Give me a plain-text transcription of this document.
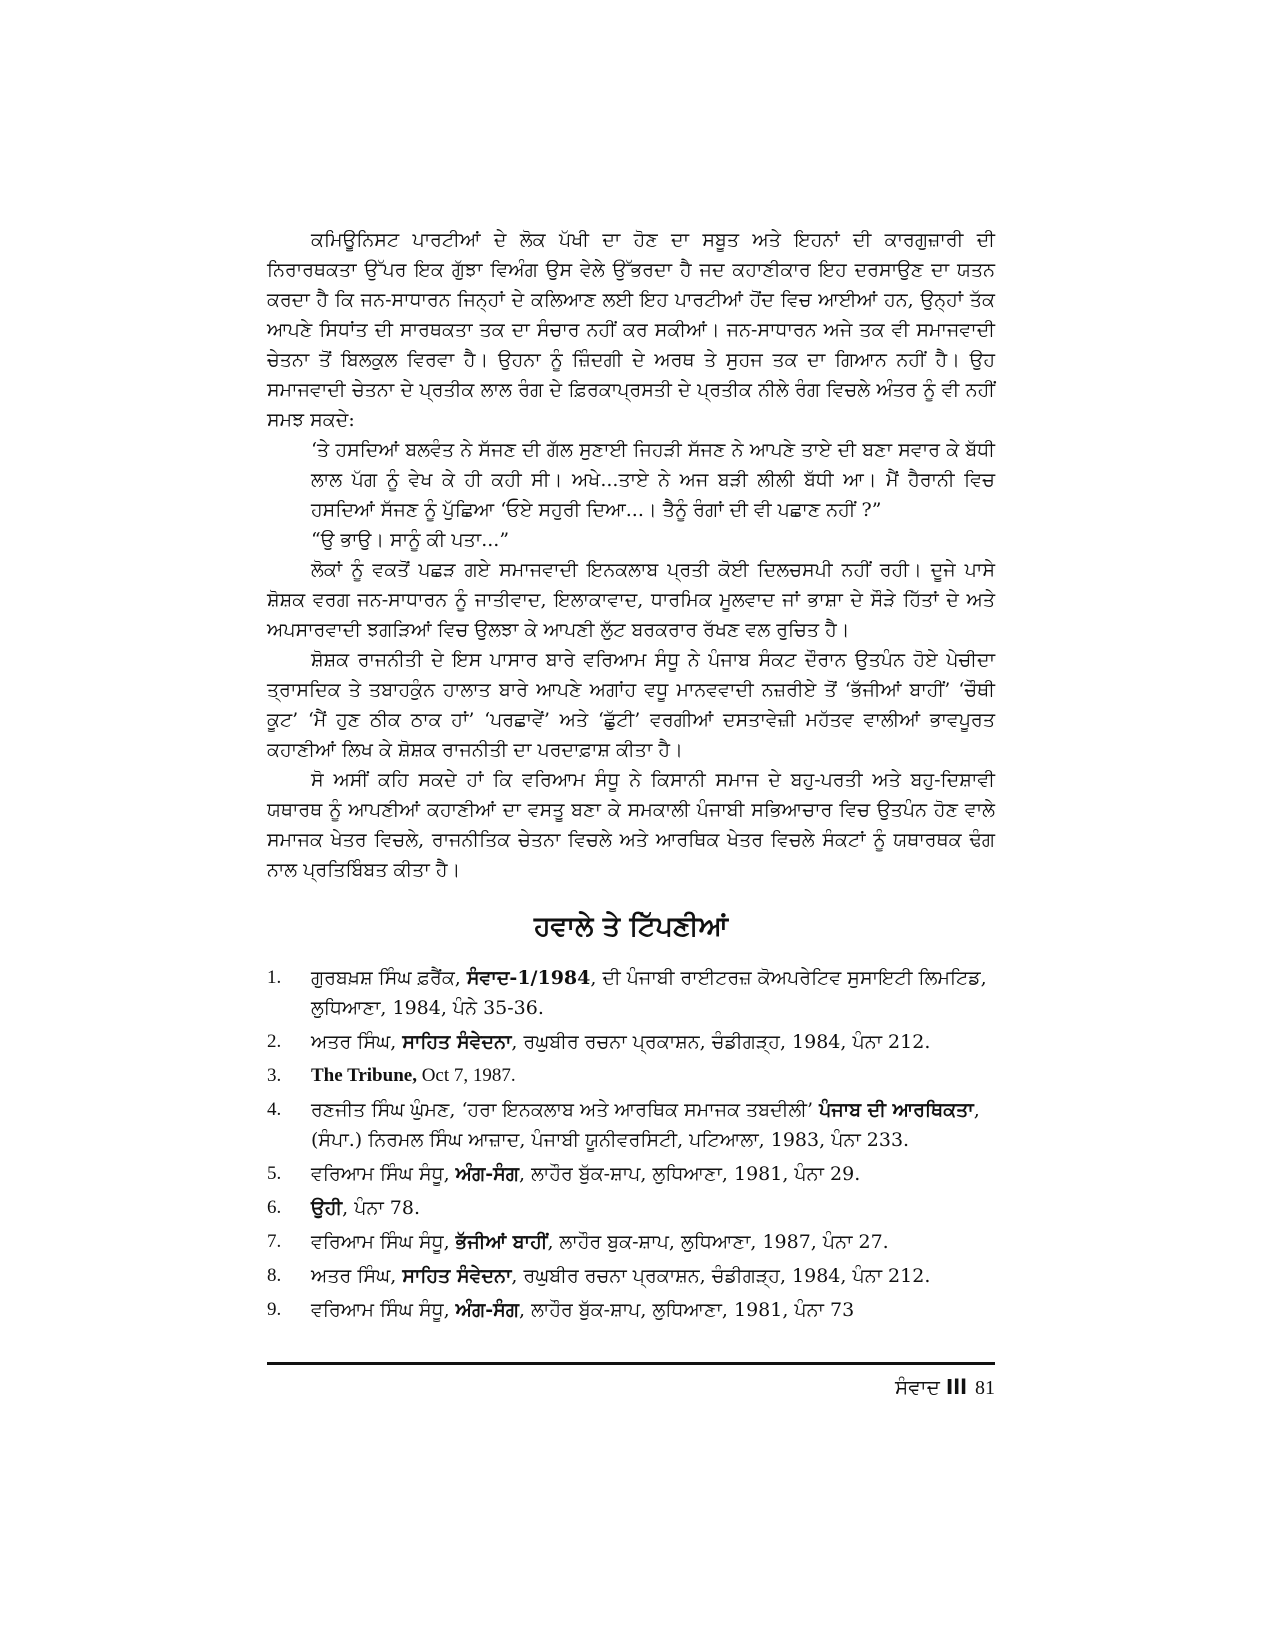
ਕਮਿਊਨਿਸਟ ਪਾਰਟੀਆਂ ਦੇ ਲੋਕ ਪੱਖੀ ਦਾ ਹੋਣ ਦਾ ਸਬੂਤ ਅਤੇ ਇਹਨਾਂ ਦੀ ਕਾਰਗੁਜ਼ਾਰੀ ਦੀ ਨਿਰਾਰਥਕਤਾ ਉੱਪਰ ਇਕ ਗੁੱਝਾ ਵਿਅੰਗ ਉਸ ਵੇਲੇ ਉੱਭਰਦਾ ਹੈ ਜਦ ਕਹਾਣੀਕਾਰ ਇਹ ਦਰਸਾਉਣ ਦਾ ਯਤਨ ਕਰਦਾ ਹੈ ਕਿ ਜਨ-ਸਾਧਾਰਨ ਜਿਨ੍ਹਾਂ ਦੇ ਕਲਿਆਣ ਲਈ ਇਹ ਪਾਰਟੀਆਂ ਹੋਂਦ ਵਿਚ ਆਈਆਂ ਹਨ, ਉਨ੍ਹਾਂ ਤੱਕ ਆਪਣੇ ਸਿਧਾਂਤ ਦੀ ਸਾਰਥਕਤਾ ਤਕ ਦਾ ਸੰਚਾਰ ਨਹੀਂ ਕਰ ਸਕੀਆਂ। ਜਨ-ਸਾਧਾਰਨ ਅਜੇ ਤਕ ਵੀ ਸਮਾਜਵਾਦੀ ਚੇਤਨਾ ਤੋਂ ਬਿਲਕੁਲ ਵਿਰਵਾ ਹੈ। ਉਹਨਾ ਨੂੰ ਜ਼ਿੰਦਗੀ ਦੇ ਅਰਥ ਤੇ ਸੁਹਜ ਤਕ ਦਾ ਗਿਆਨ ਨਹੀਂ ਹੈ। ਉਹ ਸਮਾਜਵਾਦੀ ਚੇਤਨਾ ਦੇ ਪ੍ਰਤੀਕ ਲਾਲ ਰੰਗ ਦੇ ਫ਼ਿਰਕਾਪ੍ਰਸਤੀ ਦੇ ਪ੍ਰਤੀਕ ਨੀਲੇ ਰੰਗ ਵਿਚਲੇ ਅੰਤਰ ਨੂੰ ਵੀ ਨਹੀਂ ਸਮਝ ਸਕਦੇ:

‘ਤੇ ਹਸਦਿਆਂ ਬਲਵੰਤ ਨੇ ਸੱਜਣ ਦੀ ਗੱਲ ਸੁਣਾਈ ਜਿਹੜੀ ਸੱਜਣ ਨੇ ਆਪਣੇ ਤਾਏ ਦੀ ਬਣਾ ਸਵਾਰ ਕੇ ਬੱਧੀ ਲਾਲ ਪੱਗ ਨੂੰ ਵੇਖ ਕੇ ਹੀ ਕਹੀ ਸੀ। ਅਖੇ...ਤਾਏ ਨੇ ਅਜ ਬੜੀ ਲੀਲੀ ਬੱਧੀ ਆ। ਮੈਂ ਹੈਰਾਨੀ ਵਿਚ ਹਸਦਿਆਂ ਸੱਜਣ ਨੂੰ ਪੁੱਛਿਆ ‘ਓਏ ਸਹੁਰੀ ਦਿਆ...। ਤੈਨੂੰ ਰੰਗਾਂ ਦੀ ਵੀ ਪਛਾਣ ਨਹੀਂ ?”

“ਉ ਭਾਉ। ਸਾਨੂੰ ਕੀ ਪਤਾ...”

ਲੋਕਾਂ ਨੂੰ ਵਕਤੋਂ ਪਛੜ ਗਏ ਸਮਾਜਵਾਦੀ ਇਨਕਲਾਬ ਪ੍ਰਤੀ ਕੋਈ ਦਿਲਚਸਪੀ ਨਹੀਂ ਰਹੀ। ਦੂਜੇ ਪਾਸੇ ਸ਼ੋਸ਼ਕ ਵਰਗ ਜਨ-ਸਾਧਾਰਨ ਨੂੰ ਜਾਤੀਵਾਦ, ਇਲਾਕਾਵਾਦ, ਧਾਰਮਿਕ ਮੂਲਵਾਦ ਜਾਂ ਭਾਸ਼ਾ ਦੇ ਸੌੜੇ ਹਿੱਤਾਂ ਦੇ ਅਤੇ ਅਪਸਾਰਵਾਦੀ ਝਗੜਿਆਂ ਵਿਚ ਉਲਝਾ ਕੇ ਆਪਣੀ ਲੁੱਟ ਬਰਕਰਾਰ ਰੱਖਣ ਵਲ ਰੁਚਿਤ ਹੈ।

ਸ਼ੋਸ਼ਕ ਰਾਜਨੀਤੀ ਦੇ ਇਸ ਪਾਸਾਰ ਬਾਰੇ ਵਰਿਆਮ ਸੰਧੂ ਨੇ ਪੰਜਾਬ ਸੰਕਟ ਦੌਰਾਨ ਉਤਪੰਨ ਹੋਏ ਪੇਚੀਦਾ ਤ੍ਰਾਸਦਿਕ ਤੇ ਤਬਾਹਕੁੰਨ ਹਾਲਾਤ ਬਾਰੇ ਆਪਣੇ ਅਗਾਂਹ ਵਧੂ ਮਾਨਵਵਾਦੀ ਨਜ਼ਰੀਏ ਤੋਂ ‘ਭੱਜੀਆਂ ਬਾਹੀਂ’ ‘ਚੌਥੀ ਕੂਟ’ ‘ਮੈਂ ਹੁਣ ਠੀਕ ਠਾਕ ਹਾਂ’ ‘ਪਰਛਾਵੇਂ’ ਅਤੇ ‘ਛੁੱਟੀ’ ਵਰਗੀਆਂ ਦਸਤਾਵੇਜ਼ੀ ਮਹੱਤਵ ਵਾਲੀਆਂ ਭਾਵਪੂਰਤ ਕਹਾਣੀਆਂ ਲਿਖ ਕੇ ਸ਼ੋਸ਼ਕ ਰਾਜਨੀਤੀ ਦਾ ਪਰਦਾਫ਼ਾਸ਼ ਕੀਤਾ ਹੈ।

ਸੋ ਅਸੀਂ ਕਹਿ ਸਕਦੇ ਹਾਂ ਕਿ ਵਰਿਆਮ ਸੰਧੂ ਨੇ ਕਿਸਾਨੀ ਸਮਾਜ ਦੇ ਬਹੁ-ਪਰਤੀ ਅਤੇ ਬਹੁ-ਦਿਸ਼ਾਵੀ ਯਥਾਰਥ ਨੂੰ ਆਪਣੀਆਂ ਕਹਾਣੀਆਂ ਦਾ ਵਸਤੂ ਬਣਾ ਕੇ ਸਮਕਾਲੀ ਪੰਜਾਬੀ ਸਭਿਆਚਾਰ ਵਿਚ ਉਤਪੰਨ ਹੋਣ ਵਾਲੇ ਸਮਾਜਕ ਖੇਤਰ ਵਿਚਲੇ, ਰਾਜਨੀਤਿਕ ਚੇਤਨਾ ਵਿਚਲੇ ਅਤੇ ਆਰਥਿਕ ਖੇਤਰ ਵਿਚਲੇ ਸੰਕਟਾਂ ਨੂੰ ਯਥਾਰਥਕ ਢੰਗ ਨਾਲ ਪ੍ਰਤਿਬਿੰਬਤ ਕੀਤਾ ਹੈ।

ਹਵਾਲੇ ਤੇ ਟਿੱਪਣੀਆਂ
1.	ਗੁਰਬਖ਼ਸ਼ ਸਿੰਘ ਫ਼ਰੈਂਕ, ਸੰਵਾਦ-1/1984, ਦੀ ਪੰਜਾਬੀ ਰਾਈਟਰਜ਼ ਕੋਅਪਰੇਟਿਵ ਸੁਸਾਇਟੀ ਲਿਮਟਿਡ, ਲੁਧਿਆਣਾ, 1984, ਪੰਨੇ 35-36.
2.	ਅਤਰ ਸਿੰਘ, ਸਾਹਿਤ ਸੰਵੇਦਨਾ, ਰਘੁਬੀਰ ਰਚਨਾ ਪ੍ਰਕਾਸ਼ਨ, ਚੰਡੀਗੜ੍ਹ, 1984, ਪੰਨਾ 212.
3.	The Tribune, Oct 7, 1987.
4.	ਰਣਜੀਤ ਸਿੰਘ ਘੁੰਮਣ, ‘ਹਰਾ ਇਨਕਲਾਬ ਅਤੇ ਆਰਥਿਕ ਸਮਾਜਕ ਤਬਦੀਲੀ’ ਪੰਜਾਬ ਦੀ ਆਰਥਿਕਤਾ, (ਸੰਪਾ.) ਨਿਰਮਲ ਸਿੰਘ ਆਜ਼ਾਦ, ਪੰਜਾਬੀ ਯੂਨੀਵਰਸਿਟੀ, ਪਟਿਆਲਾ, 1983, ਪੰਨਾ 233.
5.	ਵਰਿਆਮ ਸਿੰਘ ਸੰਧੂ, ਅੰਗ-ਸੰਗ, ਲਾਹੌਰ ਬੁੱਕ-ਸ਼ਾਪ, ਲੁਧਿਆਣਾ, 1981, ਪੰਨਾ 29.
6.	ਉਹੀ, ਪੰਨਾ 78.
7.	ਵਰਿਆਮ ਸਿੰਘ ਸੰਧੂ, ਭੱਜੀਆਂ ਬਾਹੀਂ, ਲਾਹੌਰ ਬੁਕ-ਸ਼ਾਪ, ਲੁਧਿਆਣਾ, 1987, ਪੰਨਾ 27.
8.	ਅਤਰ ਸਿੰਘ, ਸਾਹਿਤ ਸੰਵੇਦਨਾ, ਰਘੁਬੀਰ ਰਚਨਾ ਪ੍ਰਕਾਸ਼ਨ, ਚੰਡੀਗੜ੍ਹ, 1984, ਪੰਨਾ 212.
9.	ਵਰਿਆਮ ਸਿੰਘ ਸੰਧੂ, ਅੰਗ-ਸੰਗ, ਲਾਹੌਰ ਬੁੱਕ-ਸ਼ਾਪ, ਲੁਧਿਆਣਾ, 1981, ਪੰਨਾ 73
ਸੰਵਾਦ Ill 81
